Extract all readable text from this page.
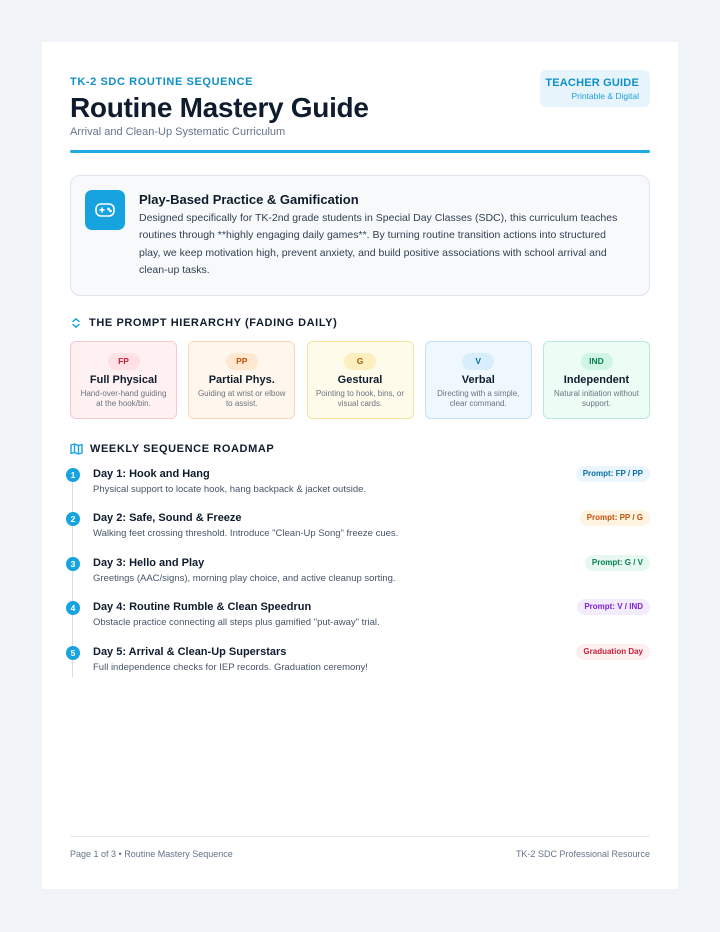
TK-2 SDC ROUTINE SEQUENCE
Routine Mastery Guide
Arrival and Clean-Up Systematic Curriculum
TEACHER GUIDE
Printable & Digital
Play-Based Practice & Gamification
Designed specifically for TK-2nd grade students in Special Day Classes (SDC), this curriculum teaches routines through **highly engaging daily games**. By turning routine transition actions into structured play, we keep motivation high, prevent anxiety, and build positive associations with school arrival and clean-up tasks.
THE PROMPT HIERARCHY (FADING DAILY)
FP
Full Physical
Hand-over-hand guiding at the hook/bin.
PP
Partial Phys.
Guiding at wrist or elbow to assist.
G
Gestural
Pointing to hook, bins, or visual cards.
V
Verbal
Directing with a simple, clear command.
IND
Independent
Natural initiation without support.
WEEKLY SEQUENCE ROADMAP
1	Day 1: Hook and Hang
Physical support to locate hook, hang backpack & jacket outside.
Prompt: FP / PP
2	Day 2: Safe, Sound & Freeze
Walking feet crossing threshold. Introduce "Clean-Up Song" freeze cues.
Prompt: PP / G
3	Day 3: Hello and Play
Greetings (AAC/signs), morning play choice, and active cleanup sorting.
Prompt: G / V
4	Day 4: Routine Rumble & Clean Speedrun
Obstacle practice connecting all steps plus gamified "put-away" trial.
Prompt: V / IND
5	Day 5: Arrival & Clean-Up Superstars
Full independence checks for IEP records. Graduation ceremony!
Graduation Day
Page 1 of 3 • Routine Mastery Sequence	TK-2 SDC Professional Resource
